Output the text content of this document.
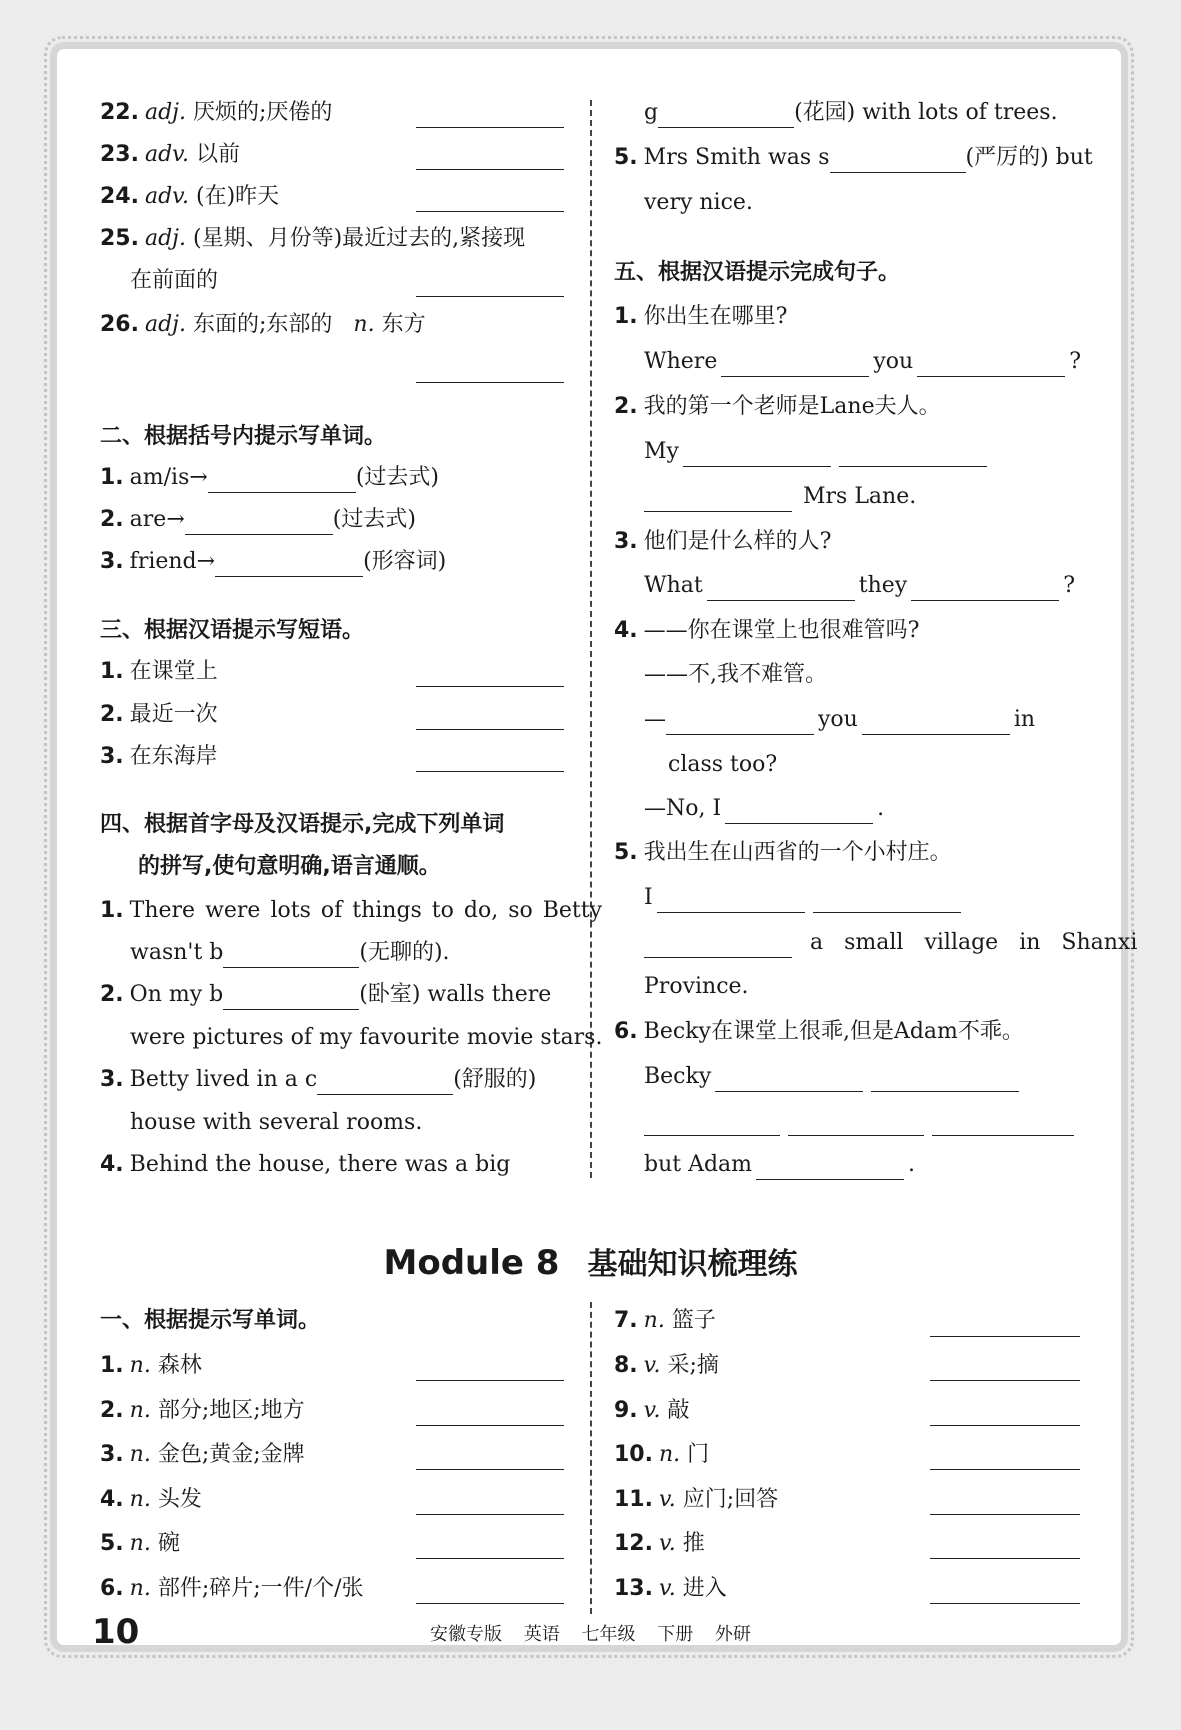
22. adj. 厌烦的;厌倦的
23. adv. 以前
24. adv. (在)昨天
25. adj. (星期、月份等)最近过去的,紧接现
在前面的
26. adj. 东面的;东部的 n. 东方
二、根据括号内提示写单词。
1. am/is→	(过去式)
2. are→	(过去式)
3. friend→	(形容词)
三、根据汉语提示写短语。
1. 在课堂上
2. 最近一次
3. 在东海岸
四、根据首字母及汉语提示,完成下列单词
的拼写,使句意明确,语言通顺。
1. There were lots of things to do, so Betty
wasn't b	(无聊的).
2. On my b	(卧室) walls there
were pictures of my favourite movie stars.
3. Betty lived in a c	(舒服的)
house with several rooms.
4. Behind the house, there was a big
g	(花园) with lots of trees.
5. Mrs Smith was s	(严厉的) but
very nice.
五、根据汉语提示完成句子。
1. 你出生在哪里?
Where	you	?
2. 我的第一个老师是Lane夫人。
My
Mrs Lane.
3. 他们是什么样的人?
What	they	?
4. ——你在课堂上也很难管吗?
——不,我不难管。
—	you	in
class too?
—No, I	.
5. 我出生在山西省的一个小村庄。
I
a small village in Shanxi
Province.
6. Becky在课堂上很乖,但是Adam不乖。
Becky
but Adam	.
Module 8 基础知识梳理练
一、根据提示写单词。
1. n. 森林
2. n. 部分;地区;地方
3. n. 金色;黄金;金牌
4. n. 头发
5. n. 碗
6. n. 部件;碎片;一件/个/张
7. n. 篮子
8. v. 采;摘
9. v. 敲
10. n. 门
11. v. 应门;回答
12. v. 推
13. v. 进入
10	安徽专版 英语 七年级 下册 外研
